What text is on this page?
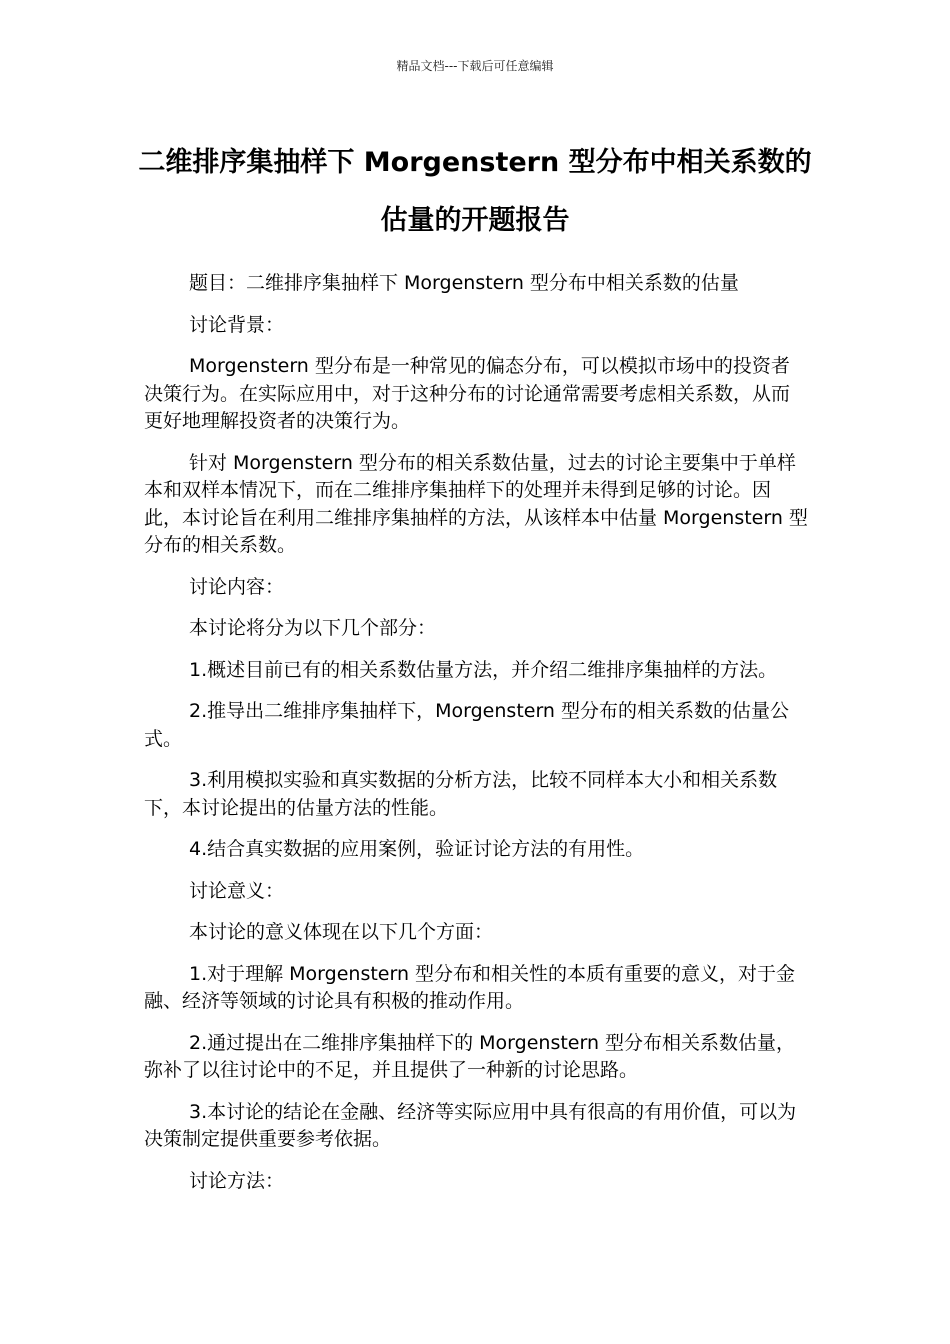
精品文档---下载后可任意编辑
二维排序集抽样下 Morgenstern 型分布中相关系数的
估量的开题报告

题目：二维排序集抽样下 Morgenstern 型分布中相关系数的估量

讨论背景：

Morgenstern 型分布是一种常见的偏态分布，可以模拟市场中的投资者决策行为。在实际应用中，对于这种分布的讨论通常需要考虑相关系数，从而更好地理解投资者的决策行为。

针对 Morgenstern 型分布的相关系数估量，过去的讨论主要集中于单样本和双样本情况下，而在二维排序集抽样下的处理并未得到足够的讨论。因此，本讨论旨在利用二维排序集抽样的方法，从该样本中估量 Morgenstern 型分布的相关系数。

讨论内容：

本讨论将分为以下几个部分：

1.概述目前已有的相关系数估量方法，并介绍二维排序集抽样的方法。

2.推导出二维排序集抽样下，Morgenstern 型分布的相关系数的估量公式。

3.利用模拟实验和真实数据的分析方法，比较不同样本大小和相关系数下，本讨论提出的估量方法的性能。

4.结合真实数据的应用案例，验证讨论方法的有用性。

讨论意义：

本讨论的意义体现在以下几个方面：

1.对于理解 Morgenstern 型分布和相关性的本质有重要的意义，对于金融、经济等领域的讨论具有积极的推动作用。

2.通过提出在二维排序集抽样下的 Morgenstern 型分布相关系数估量，弥补了以往讨论中的不足，并且提供了一种新的讨论思路。

3.本讨论的结论在金融、经济等实际应用中具有很高的有用价值，可以为决策制定提供重要参考依据。

讨论方法：
